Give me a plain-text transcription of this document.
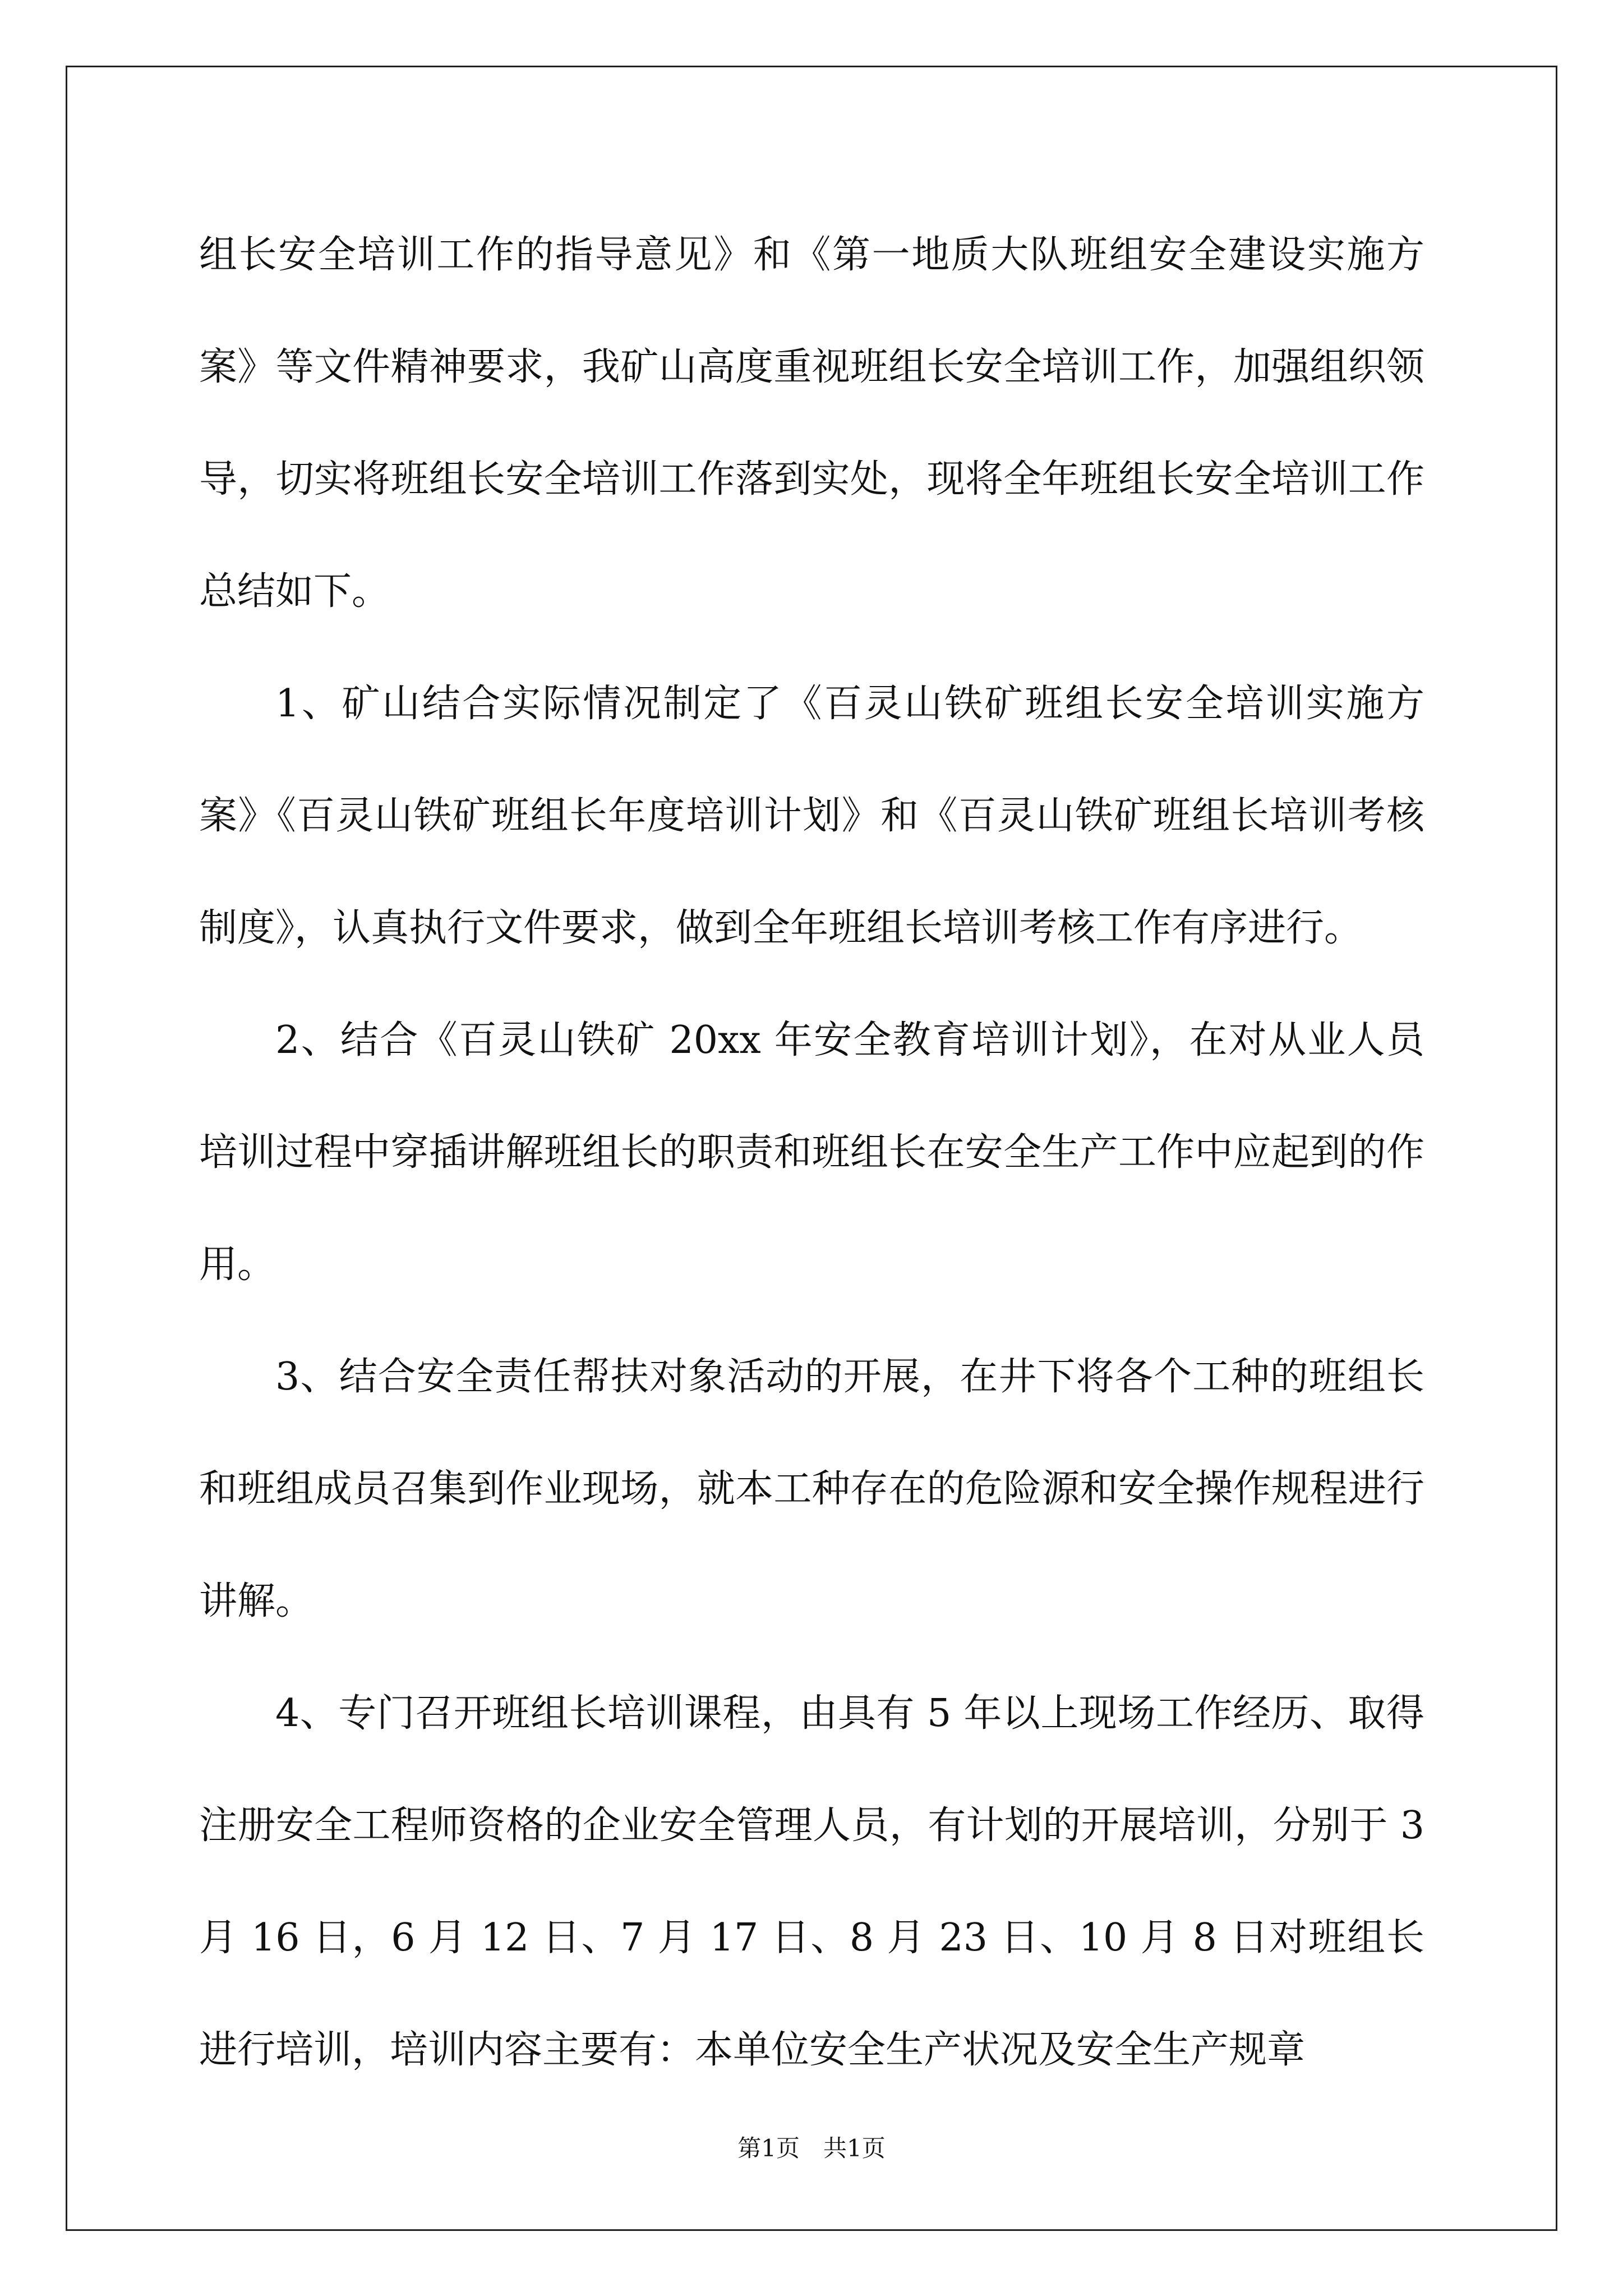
组长安全培训工作的指导意见》和《第一地质大队班组安全建设实施方案》等文件精神要求，我矿山高度重视班组长安全培训工作，加强组织领导，切实将班组长安全培训工作落到实处，现将全年班组长安全培训工作总结如下。

1、矿山结合实际情况制定了《百灵山铁矿班组长安全培训实施方案》《百灵山铁矿班组长年度培训计划》和《百灵山铁矿班组长培训考核制度》，认真执行文件要求，做到全年班组长培训考核工作有序进行。

2、结合《百灵山铁矿 20xx 年安全教育培训计划》，在对从业人员培训过程中穿插讲解班组长的职责和班组长在安全生产工作中应起到的作用。

3、结合安全责任帮扶对象活动的开展，在井下将各个工种的班组长和班组成员召集到作业现场，就本工种存在的危险源和安全操作规程进行讲解。

4、专门召开班组长培训课程，由具有 5 年以上现场工作经历、取得注册安全工程师资格的企业安全管理人员，有计划的开展培训，分别于 3 月 16 日，6 月 12 日、7 月 17 日、8 月 23 日、10 月 8 日对班组长进行培训，培训内容主要有：本单位安全生产状况及安全生产规章

第1页　共1页
